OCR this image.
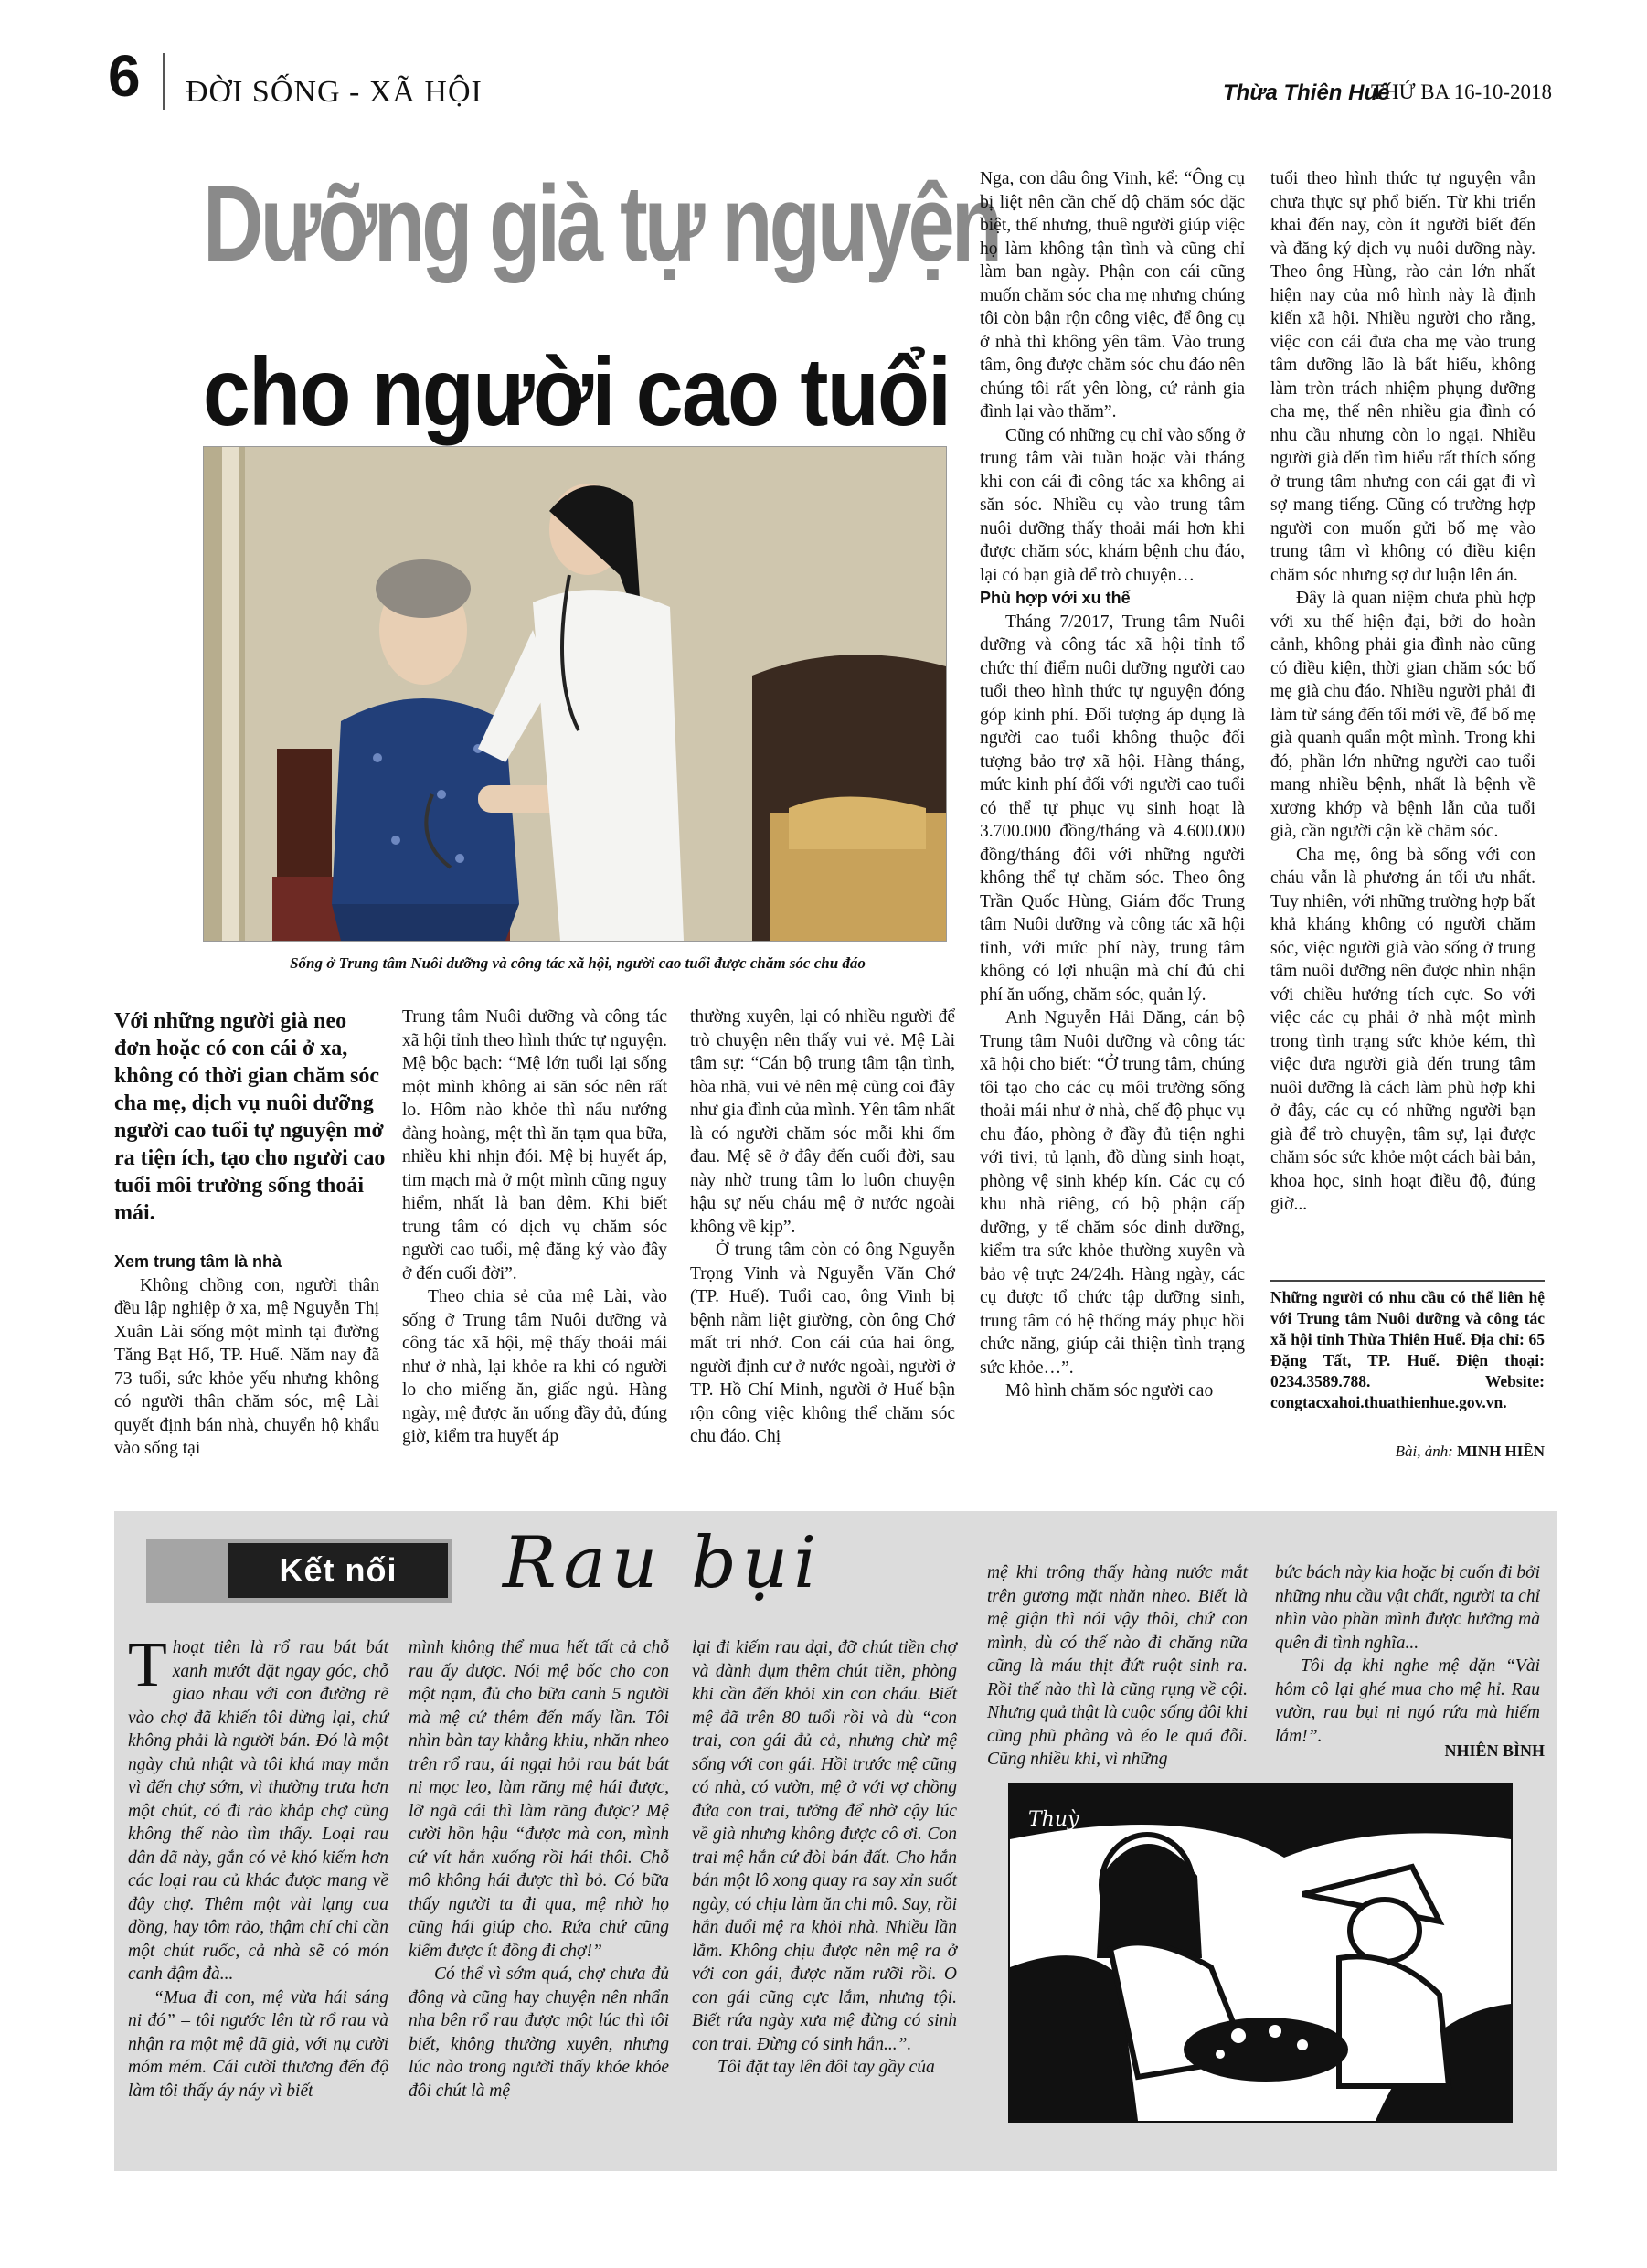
6 ĐỜI SỐNG - XÃ HỘI	Thừa Thiên Huế
THỨ BA 16-10-2018
Dưỡng già tự nguyện
cho người cao tuổi
Sống ở Trung tâm Nuôi dưỡng và công tác xã hội, người cao tuổi được chăm sóc chu đáo
Với những người già neo đơn hoặc có con cái ở xa, không có thời gian chăm sóc cha mẹ, dịch vụ nuôi dưỡng người cao tuổi tự nguyện mở ra tiện ích, tạo cho người cao tuổi môi trường sống thoải mái.

Xem trung tâm là nhà

Không chồng con, người thân đều lập nghiệp ở xa, mệ Nguyễn Thị Xuân Lài sống một mình tại đường Tăng Bạt Hổ, TP. Huế. Năm nay đã 73 tuổi, sức khỏe yếu nhưng không có người thân chăm sóc, mệ Lài quyết định bán nhà, chuyển hộ khẩu vào sống tại

Trung tâm Nuôi dưỡng và công tác xã hội tỉnh theo hình thức tự nguyện. Mệ bộc bạch: “Mệ lớn tuổi lại sống một mình không ai săn sóc nên rất lo. Hôm nào khỏe thì nấu nướng đàng hoàng, mệt thì ăn tạm qua bữa, nhiều khi nhịn đói. Mệ bị huyết áp, tim mạch mà ở một mình cũng nguy hiểm, nhất là ban đêm. Khi biết trung tâm có dịch vụ chăm sóc người cao tuổi, mệ đăng ký vào đây ở đến cuối đời”.

Theo chia sẻ của mệ Lài, vào sống ở Trung tâm Nuôi dưỡng và công tác xã hội, mệ thấy thoải mái như ở nhà, lại khỏe ra khi có người lo cho miếng ăn, giấc ngủ. Hàng ngày, mệ được ăn uống đầy đủ, đúng giờ, kiểm tra huyết áp

thường xuyên, lại có nhiều người để trò chuyện nên thấy vui vẻ. Mệ Lài tâm sự: “Cán bộ trung tâm tận tình, hòa nhã, vui vẻ nên mệ cũng coi đây như gia đình của mình. Yên tâm nhất là có người chăm sóc mỗi khi ốm đau. Mệ sẽ ở đây đến cuối đời, sau này nhờ trung tâm lo luôn chuyện hậu sự nếu cháu mệ ở nước ngoài không về kịp”.

Ở trung tâm còn có ông Nguyễn Trọng Vinh và Nguyễn Văn Chớ (TP. Huế). Tuổi cao, ông Vinh bị bệnh nằm liệt giường, còn ông Chớ mất trí nhớ. Con cái của hai ông, người định cư ở nước ngoài, người ở TP. Hồ Chí Minh, người ở Huế bận rộn công việc không thể chăm sóc chu đáo. Chị

Nga, con dâu ông Vinh, kể: “Ông cụ bị liệt nên cần chế độ chăm sóc đặc biệt, thế nhưng, thuê người giúp việc họ làm không tận tình và cũng chỉ làm ban ngày. Phận con cái cũng muốn chăm sóc cha mẹ nhưng chúng tôi còn bận rộn công việc, để ông cụ ở nhà thì không yên tâm. Vào trung tâm, ông được chăm sóc chu đáo nên chúng tôi rất yên lòng, cứ rảnh gia đình lại vào thăm”.

Cũng có những cụ chỉ vào sống ở trung tâm vài tuần hoặc vài tháng khi con cái đi công tác xa không ai săn sóc. Nhiều cụ vào trung tâm nuôi dưỡng thấy thoải mái hơn khi được chăm sóc, khám bệnh chu đáo, lại có bạn già để trò chuyện…

Phù hợp với xu thế

Tháng 7/2017, Trung tâm Nuôi dưỡng và công tác xã hội tỉnh tổ chức thí điểm nuôi dưỡng người cao tuổi theo hình thức tự nguyện đóng góp kinh phí. Đối tượng áp dụng là người cao tuổi không thuộc đối tượng bảo trợ xã hội. Hàng tháng, mức kinh phí đối với người cao tuổi có thể tự phục vụ sinh hoạt là 3.700.000 đồng/tháng và 4.600.000 đồng/tháng đối với những người không thể tự chăm sóc. Theo ông Trần Quốc Hùng, Giám đốc Trung tâm Nuôi dưỡng và công tác xã hội tỉnh, với mức phí này, trung tâm không có lợi nhuận mà chỉ đủ chi phí ăn uống, chăm sóc, quản lý.

Anh Nguyễn Hải Đăng, cán bộ Trung tâm Nuôi dưỡng và công tác xã hội cho biết: “Ở trung tâm, chúng tôi tạo cho các cụ môi trường sống thoải mái như ở nhà, chế độ phục vụ chu đáo, phòng ở đầy đủ tiện nghi với tivi, tủ lạnh, đồ dùng sinh hoạt, phòng vệ sinh khép kín. Các cụ có khu nhà riêng, có bộ phận cấp dưỡng, y tế chăm sóc dinh dưỡng, kiểm tra sức khỏe thường xuyên và bảo vệ trực 24/24h. Hàng ngày, các cụ được tổ chức tập dưỡng sinh, trung tâm có hệ thống máy phục hồi chức năng, giúp cải thiện tình trạng sức khỏe…”.

Mô hình chăm sóc người cao

tuổi theo hình thức tự nguyện vẫn chưa thực sự phổ biến. Từ khi triển khai đến nay, còn ít người biết đến và đăng ký dịch vụ nuôi dưỡng này. Theo ông Hùng, rào cản lớn nhất hiện nay của mô hình này là định kiến xã hội. Nhiều người cho rằng, việc con cái đưa cha mẹ vào trung tâm dưỡng lão là bất hiếu, không làm tròn trách nhiệm phụng dưỡng cha mẹ, thế nên nhiều gia đình có nhu cầu nhưng còn lo ngại. Nhiều người già đến tìm hiểu rất thích sống ở trung tâm nhưng con cái gạt đi vì sợ mang tiếng. Cũng có trường hợp người con muốn gửi bố mẹ vào trung tâm vì không có điều kiện chăm sóc nhưng sợ dư luận lên án.

Đây là quan niệm chưa phù hợp với xu thế hiện đại, bởi do hoàn cảnh, không phải gia đình nào cũng có điều kiện, thời gian chăm sóc bố mẹ già chu đáo. Nhiều người phải đi làm từ sáng đến tối mới về, để bố mẹ già quanh quẩn một mình. Trong khi đó, phần lớn những người cao tuổi mang nhiều bệnh, nhất là bệnh về xương khớp và bệnh lẫn của tuổi già, cần người cận kề chăm sóc.

Cha mẹ, ông bà sống với con cháu vẫn là phương án tối ưu nhất. Tuy nhiên, với những trường hợp bất khả kháng không có người chăm sóc, việc người già vào sống ở trung tâm nuôi dưỡng nên được nhìn nhận với chiều hướng tích cực. So với việc các cụ phải ở nhà một mình trong tình trạng sức khỏe kém, thì việc đưa người già đến trung tâm nuôi dưỡng là cách làm phù hợp khi ở đây, các cụ có những người bạn già để trò chuyện, tâm sự, lại được chăm sóc sức khỏe một cách bài bản, khoa học, sinh hoạt điều độ, đúng giờ...

Những người có nhu cầu có thể liên hệ với Trung tâm Nuôi dưỡng và công tác xã hội tỉnh Thừa Thiên Huế. Địa chỉ: 65 Đặng Tất, TP. Huế. Điện thoại: 0234.3589.788. Website: congtacxahoi.thuathienhue.gov.vn.
Bài, ảnh: MINH HIỀN
Kết nối	Rau bụi

Thoạt tiên là rổ rau bát bát xanh mướt đặt ngay góc, chỗ giao nhau với con đường rẽ vào chợ đã khiến tôi dừng lại, chứ không phải là người bán. Đó là một ngày chủ nhật và tôi khá may mắn vì đến chợ sớm, vì thường trưa hơn một chút, có đi rảo khắp chợ cũng không thể nào tìm thấy. Loại rau dân dã này, gắn có vẻ khó kiếm hơn các loại rau củ khác được mang về đây chợ. Thêm một vài lạng cua đồng, hay tôm rảo, thậm chí chỉ cần một chút ruốc, cả nhà sẽ có món canh đậm đà...

“Mua đi con, mệ vừa hái sáng ni đó” – tôi ngước lên từ rổ rau và nhận ra một mệ đã già, với nụ cười móm mém. Cái cười thương đến độ làm tôi thấy áy náy vì biết

mình không thể mua hết tất cả chỗ rau ấy được. Nói mệ bốc cho con một nạm, đủ cho bữa canh 5 người mà mệ cứ thêm đến mấy lần. Tôi nhìn bàn tay khẳng khiu, nhăn nheo trên rổ rau, ái ngại hỏi rau bát bát ni mọc leo, làm răng mệ hái được, lỡ ngã cái thì làm răng được? Mệ cười hồn hậu “được mà con, mình cứ vít hắn xuống rồi hái thôi. Chỗ mô không hái được thì bỏ. Có bữa thấy người ta đi qua, mệ nhờ họ cũng hái giúp cho. Rứa chứ cũng kiếm được ít đồng đi chợ!”

Có thể vì sớm quá, chợ chưa đủ đông và cũng hay chuyện nên nhẩn nha bên rổ rau được một lúc thì tôi biết, không thường xuyên, nhưng lúc nào trong người thấy khỏe khỏe đôi chút là mệ

lại đi kiếm rau dại, đỡ chút tiền chợ và dành dụm thêm chút tiền, phòng khi cần đến khỏi xin con cháu. Biết mệ đã trên 80 tuổi rồi và dù “con trai, con gái đủ cả, nhưng chừ mệ sống với con gái. Hồi trước mệ cũng có nhà, có vườn, mệ ở với vợ chồng đứa con trai, tưởng để nhờ cậy lúc về già nhưng không được cô ơi. Con trai mệ hắn cứ đòi bán đất. Cho hắn bán một lô xong quay ra say xỉn suốt ngày, có chịu làm ăn chi mô. Say, rồi hắn đuổi mệ ra khỏi nhà. Nhiều lần lắm. Không chịu được nên mệ ra ở với con gái, được năm rưỡi rồi. O con gái cũng cực lắm, nhưng tội. Biết rứa ngày xưa mệ đừng có sinh con trai. Đừng có sinh hắn...”.

Tôi đặt tay lên đôi tay gầy của

mệ khi trông thấy hàng nước mắt trên gương mặt nhăn nheo. Biết là mệ giận thì nói vậy thôi, chứ con mình, dù có thế nào đi chăng nữa cũng là máu thịt đứt ruột sinh ra. Rồi thế nào thì là cũng rụng về cội. Nhưng quả thật là cuộc sống đôi khi cũng phũ phàng và éo le quá đỗi. Cũng nhiều khi, vì những

bức bách này kia hoặc bị cuốn đi bởi những nhu cầu vật chất, người ta chỉ nhìn vào phần mình được hưởng mà quên đi tình nghĩa...

Tôi dạ khi nghe mệ dặn “Vài hôm cô lại ghé mua cho mệ hỉ. Rau vườn, rau bụi ni ngó rứa mà hiếm lắm!”.

NHIÊN BÌNH
Thuỳ
